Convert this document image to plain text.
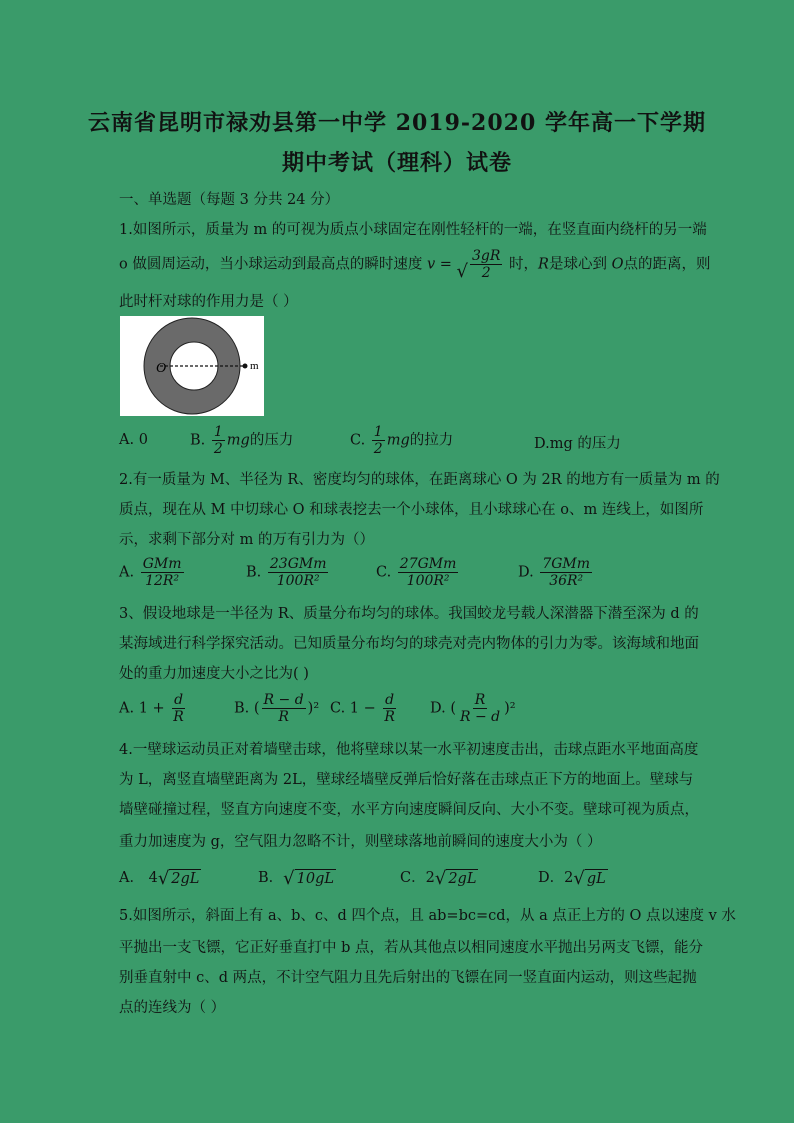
云南省昆明市禄劝县第一中学 2019-2020 学年高一下学期
期中考试（理科）试卷
一、单选题（每题 3 分共 24 分）
1.如图所示，质量为 m 的可视为质点小球固定在刚性轻杆的一端，在竖直面内绕杆的另一端
o 做圆周运动，当小球运动到最高点的瞬时速度 v = √ $\frac{3gR}{2}$ 时，R是球心到 O点的距离，则
此时杆对球的作用力是（ ）
O	m
A. 0	B. $\frac{1}{2}$ mg的压力	C. $\frac{1}{2}$ mg的拉力	D.mg 的压力
2.有一质量为 M、半径为 R、密度均匀的球体，在距离球心 O 为 2R 的地方有一质量为 m 的
质点，现在从 M 中切球心 O 和球表挖去一个小球体，且小球球心在 o、m 连线上，如图所
示，求剩下部分对 m 的万有引力为（）
A. $\frac{\text{GMm}}{\text{12R²}}$	B. $\frac{\text{23GMm}}{\text{100R²}}$	C. $\frac{\text{27GMm}}{\text{100R²}}$	D. $\frac{\text{7GMm}}{\text{36R²}}$
3、假设地球是一半径为 R、质量分布均匀的球体。我国蛟龙号载人深潜器下潜至深为 d 的
某海域进行科学探究活动。已知质量分布均匀的球壳对壳内物体的引力为零。该海域和地面
处的重力加速度大小之比为( )
A. $1 + \frac{d}{R}$	B. ( $\frac{R - d}{R} )^2$ C. $1 - \frac{d}{R} D$. ( $\frac{R}{R - d} )^2$
4.一壁球运动员正对着墙壁击球，他将壁球以某一水平初速度击出，击球点距水平地面高度
为 L，离竖直墙壁距离为 2L，壁球经墙壁反弹后恰好落在击球点正下方的地面上。壁球与
墙壁碰撞过程，竖直方向速度不变，水平方向速度瞬间反向、大小不变。壁球可视为质点，
重力加速度为 g，空气阻力忽略不计，则壁球落地前瞬间的速度大小为（ ）
A． 4 √ 2gL	B． √ 10gL	C．2 √ 2gL	D．2 √ gL
5.如图所示，斜面上有 a、b、c、d 四个点，且 ab=bc=cd，从 a 点正上方的 O 点以速度 v 水
平抛出一支飞镖，它正好垂直打中 b 点，若从其他点以相同速度水平抛出另两支飞镖，能分
别垂直射中 c、d 两点，不计空气阻力且先后射出的飞镖在同一竖直面内运动，则这些起抛
点的连线为（ ）
